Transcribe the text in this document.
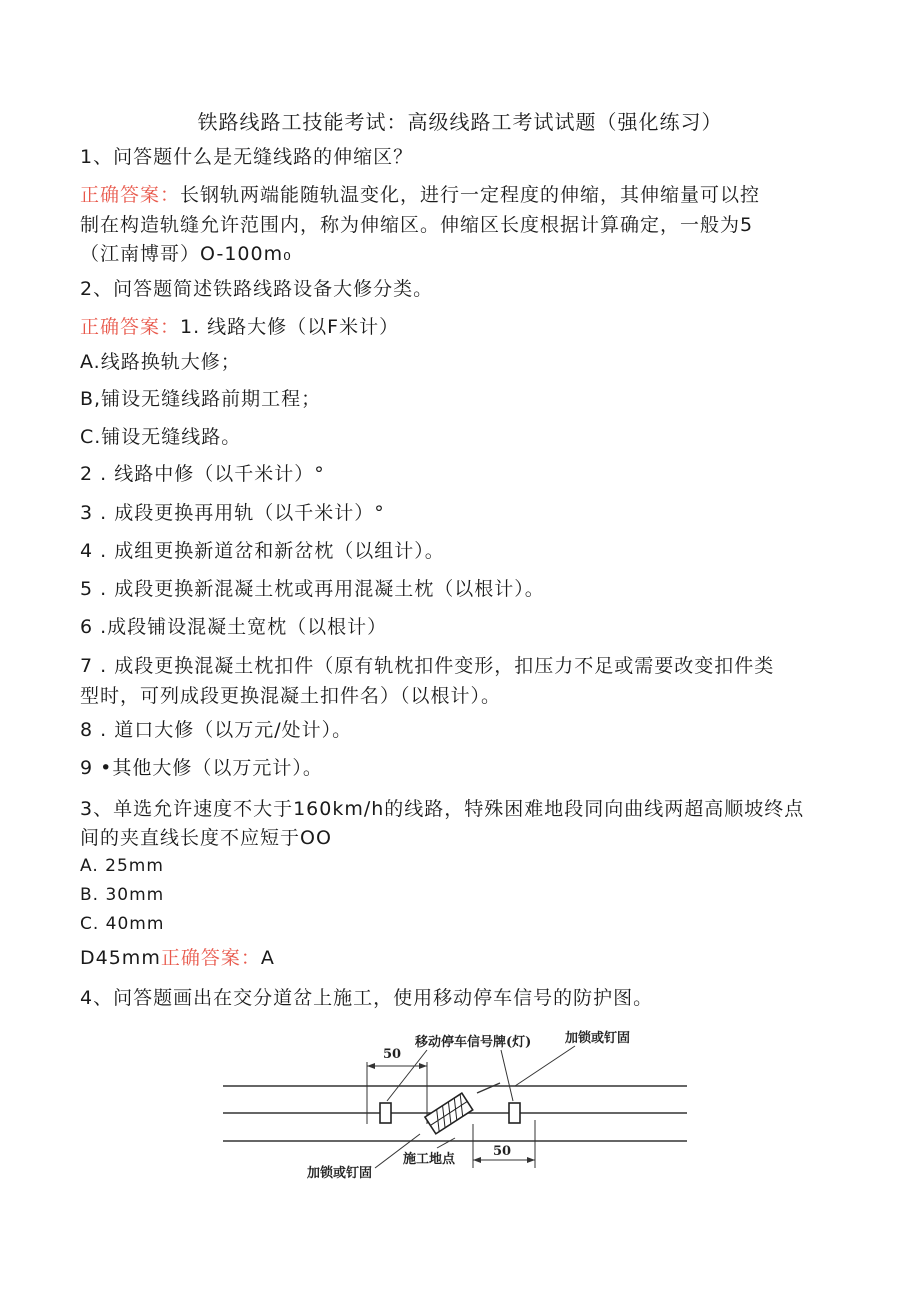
铁路线路工技能考试：高级线路工考试试题（强化练习）
1、问答题什么是无缝线路的伸缩区？
正确答案：长钢轨两端能随轨温变化，进行一定程度的伸缩，其伸缩量可以控
制在构造轨缝允许范围内，称为伸缩区。伸缩区长度根据计算确定，一般为5
（江南博哥）O-100m₀
2、问答题简述铁路线路设备大修分类。
正确答案：1. 线路大修（以F米计）
A.线路换轨大修；
B,铺设无缝线路前期工程；
C.铺设无缝线路。
2 . 线路中修（以千米计）°
3 . 成段更换再用轨（以千米计）°
4 . 成组更换新道岔和新岔枕（以组计）。
5 . 成段更换新混凝土枕或再用混凝土枕（以根计）。
6 .成段铺设混凝土宽枕（以根计）
7 . 成段更换混凝土枕扣件（原有轨枕扣件变形，扣压力不足或需要改变扣件类
型时，可列成段更换混凝土扣件名）（以根计）。
8 . 道口大修（以万元/处计）。
9 •其他大修（以万元计）。
3、单选允许速度不大于160km∕h的线路，特殊困难地段同向曲线两超高顺坡终点
间的夹直线长度不应短于OO
A. 25mm
B. 30mm
C. 40mm
D45mm正确答案：A
4、问答题画出在交分道岔上施工，使用移动停车信号的防护图。
50
50
移动停车信号牌(灯)	加锁或钉固
施工地点
加锁或钉固
